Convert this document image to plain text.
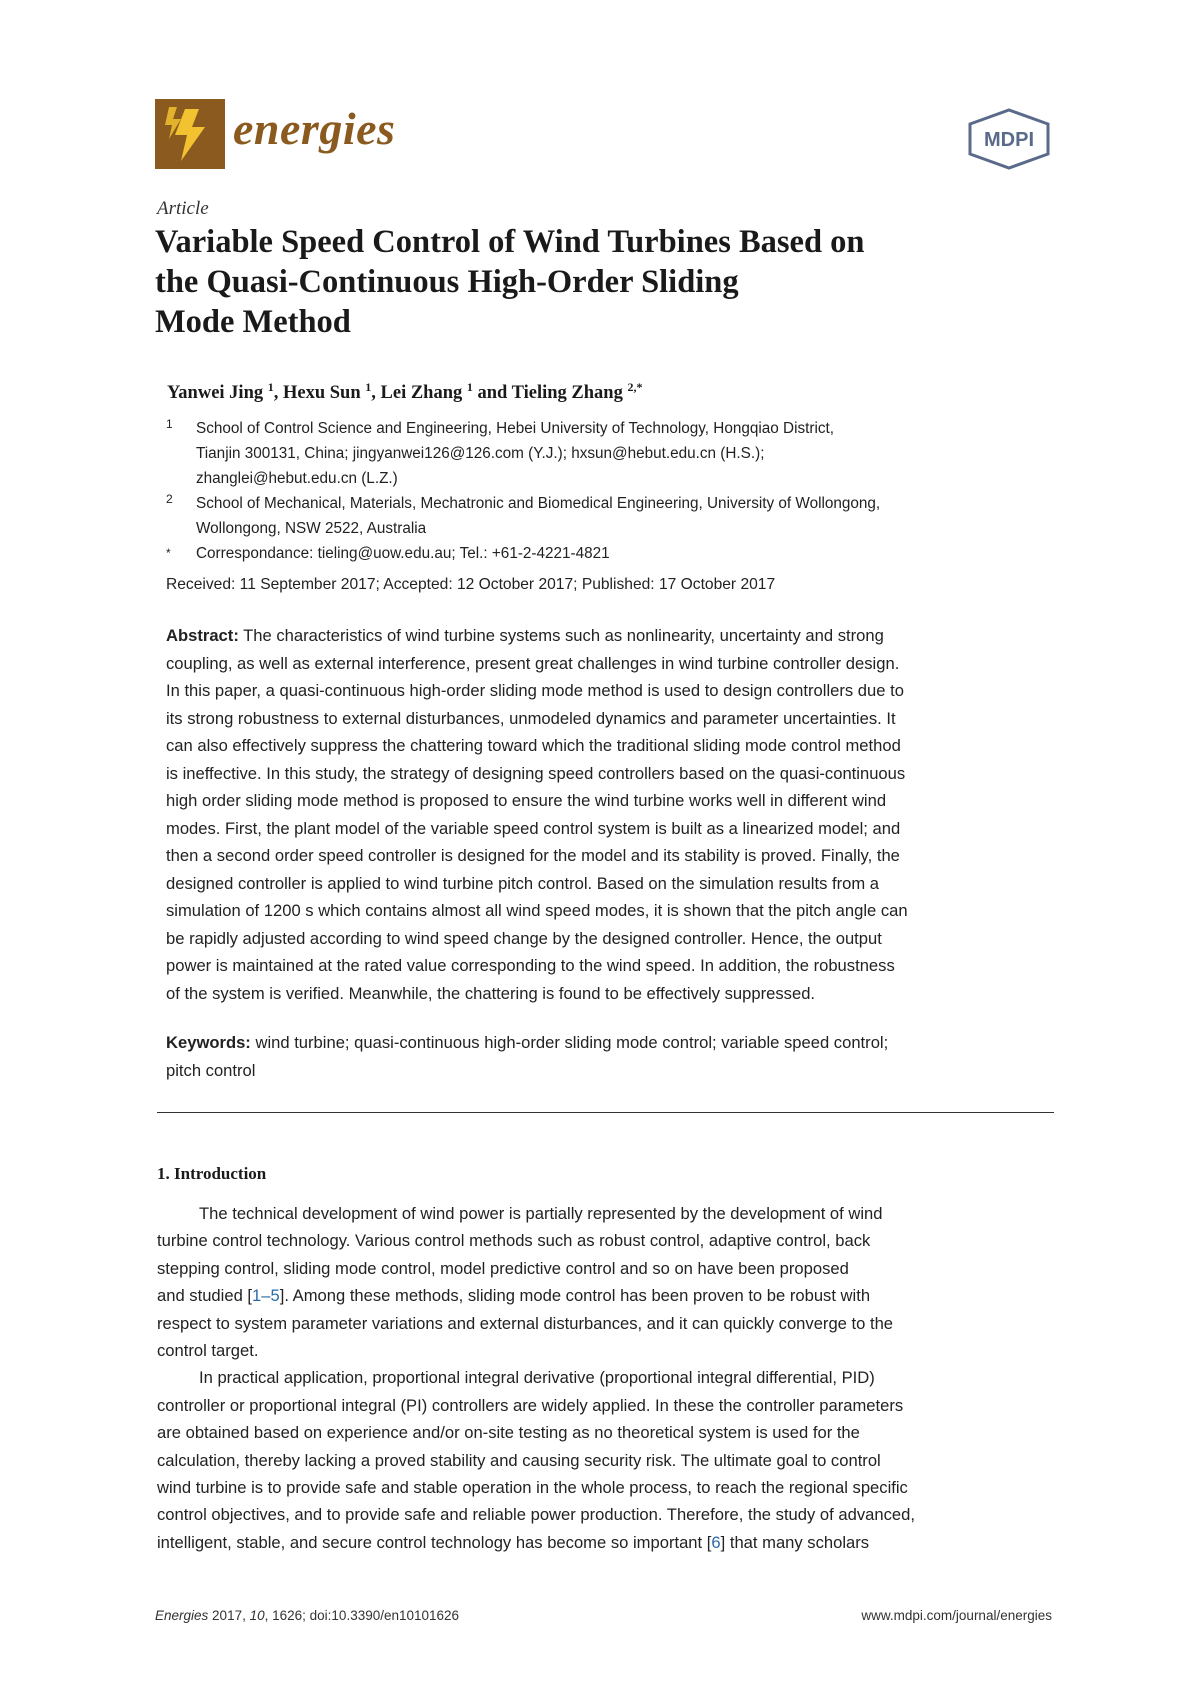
energies	MDPI
Article
Variable Speed Control of Wind Turbines Based on
the Quasi-Continuous High-Order Sliding
Mode Method
Yanwei Jing $^1$, Hexu Sun $^1$, Lei Zhang $^1$ and Tieling Zhang $^{2,*}$
1 School of Control Science and Engineering, Hebei University of Technology, Hongqiao District,
Tianjin 300131, China; jingyanwei126@126.com (Y.J.); hxsun@hebut.edu.cn (H.S.);
zhanglei@hebut.edu.cn (L.Z.)
2 School of Mechanical, Materials, Mechatronic and Biomedical Engineering, University of Wollongong,
Wollongong, NSW 2522, Australia
* Correspondance: tieling@uow.edu.au; Tel.: +61-2-4221-4821
Received: 11 September 2017; Accepted: 12 October 2017; Published: 17 October 2017
Abstract: The characteristics of wind turbine systems such as nonlinearity, uncertainty and strong
coupling, as well as external interference, present great challenges in wind turbine controller design.
In this paper, a quasi-continuous high-order sliding mode method is used to design controllers due to
its strong robustness to external disturbances, unmodeled dynamics and parameter uncertainties. It
can also effectively suppress the chattering toward which the traditional sliding mode control method
is ineffective. In this study, the strategy of designing speed controllers based on the quasi-continuous
high order sliding mode method is proposed to ensure the wind turbine works well in different wind
modes. First, the plant model of the variable speed control system is built as a linearized model; and
then a second order speed controller is designed for the model and its stability is proved. Finally, the
designed controller is applied to wind turbine pitch control. Based on the simulation results from a
simulation of 1200 s which contains almost all wind speed modes, it is shown that the pitch angle can
be rapidly adjusted according to wind speed change by the designed controller. Hence, the output
power is maintained at the rated value corresponding to the wind speed. In addition, the robustness
of the system is verified. Meanwhile, the chattering is found to be effectively suppressed.
Keywords: wind turbine; quasi-continuous high-order sliding mode control; variable speed control;
pitch control
1. Introduction
The technical development of wind power is partially represented by the development of wind
turbine control technology. Various control methods such as robust control, adaptive control, back
stepping control, sliding mode control, model predictive control and so on have been proposed
and studied [1–5]. Among these methods, sliding mode control has been proven to be robust with
respect to system parameter variations and external disturbances, and it can quickly converge to the
control target.
In practical application, proportional integral derivative (proportional integral differential, PID)
controller or proportional integral (PI) controllers are widely applied. In these the controller parameters
are obtained based on experience and/or on-site testing as no theoretical system is used for the
calculation, thereby lacking a proved stability and causing security risk. The ultimate goal to control
wind turbine is to provide safe and stable operation in the whole process, to reach the regional specific
control objectives, and to provide safe and reliable power production. Therefore, the study of advanced,
intelligent, stable, and secure control technology has become so important [6] that many scholars
Energies 2017, 10, 1626; doi:10.3390/en10101626	www.mdpi.com/journal/energies
